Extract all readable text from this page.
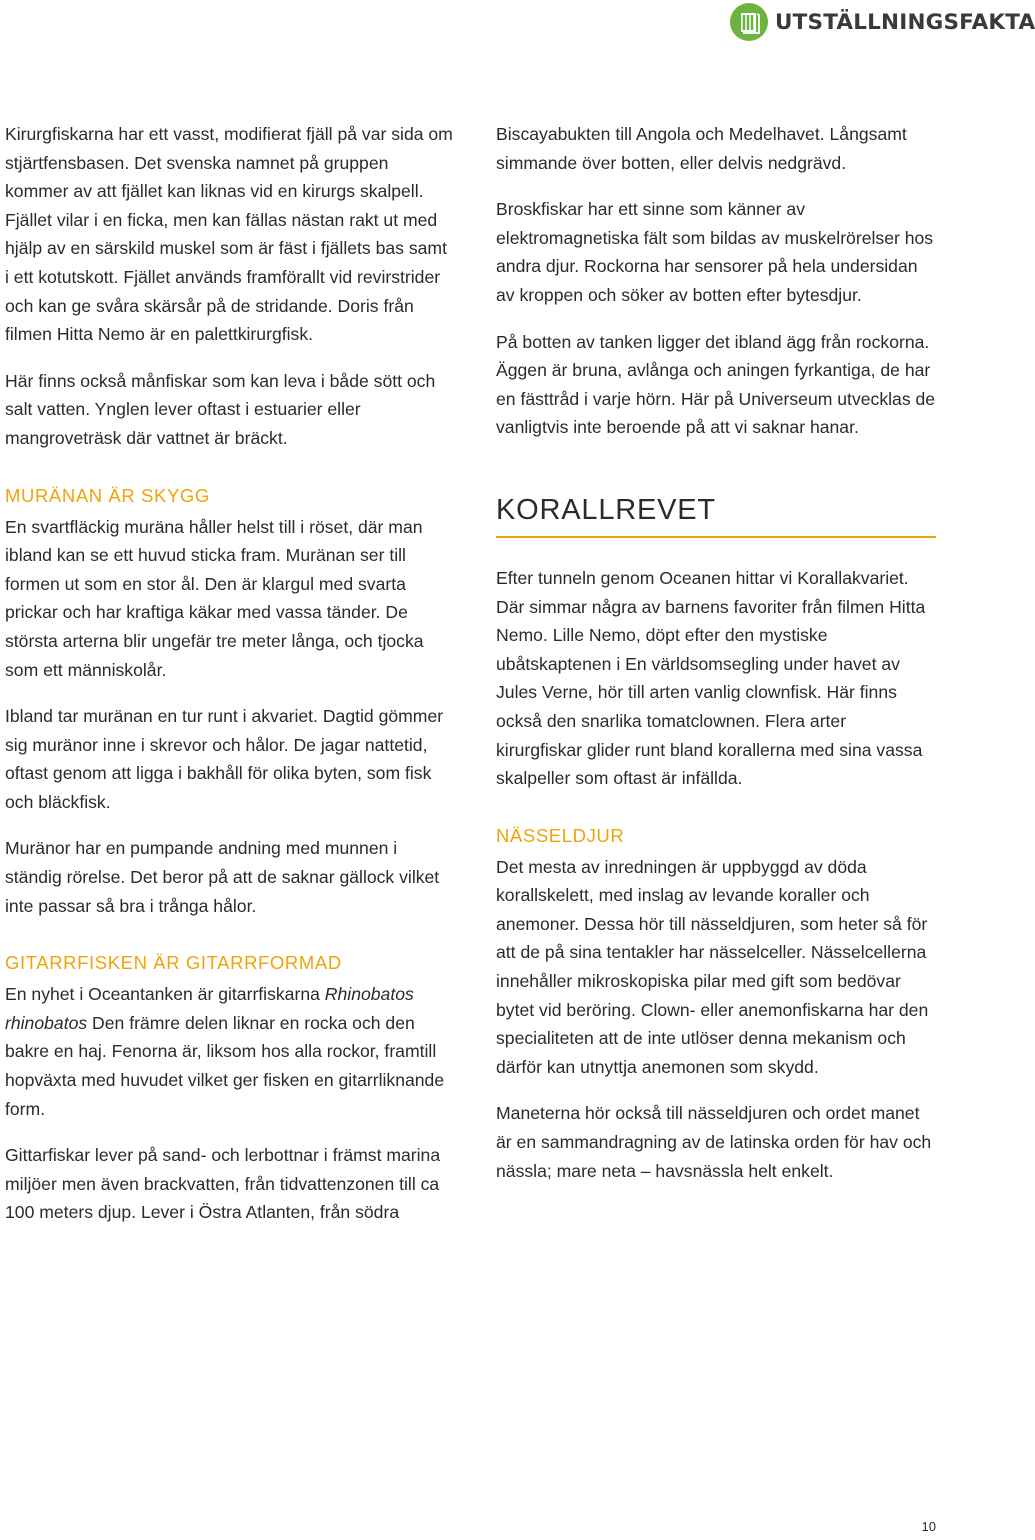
UTSTÄLLNINGSFAKTA

Kirurgfiskarna har ett vasst, modifierat fjäll på var sida om stjärtfensbasen. Det svenska namnet på gruppen kommer av att fjället kan liknas vid en kirurgs skalpell. Fjället vilar i en ficka, men kan fällas nästan rakt ut med hjälp av en särskild muskel som är fäst i fjällets bas samt i ett kotutskott. Fjället används framförallt vid revirstrider och kan ge svåra skärsår på de stridande. Doris från filmen Hitta Nemo är en palettkirurgfisk.

Här finns också månfiskar som kan leva i både sött och salt vatten. Ynglen lever oftast i estuarier eller mangroveträsk där vattnet är bräckt.

MURÄNAN ÄR SKYGG

En svartfläckig muräna håller helst till i röset, där man ibland kan se ett huvud sticka fram. Muränan ser till formen ut som en stor ål. Den är klargul med svarta prickar och har kraftiga käkar med vassa tänder. De största arterna blir ungefär tre meter långa, och tjocka som ett människolår.

Ibland tar muränan en tur runt i akvariet. Dagtid gömmer sig muränor inne i skrevor och hålor. De jagar nattetid, oftast genom att ligga i bakhåll för olika byten, som fisk och bläckfisk.

Muränor har en pumpande andning med munnen i ständig rörelse. Det beror på att de saknar gällock vilket inte passar så bra i trånga hålor.

GITARRFISKEN ÄR GITARRFORMAD

En nyhet i Oceantanken är gitarrfiskarna Rhinobatos rhinobatos Den främre delen liknar en rocka och den bakre en haj. Fenorna är, liksom hos alla rockor, framtill hopväxta med huvudet vilket ger fisken en gitarrliknande form.

Gittarfiskar lever på sand- och lerbottnar i främst marina miljöer men även brackvatten, från tidvattenzonen till ca 100 meters djup. Lever i Östra Atlanten, från södra

Biscayabukten till Angola och Medelhavet. Långsamt simmande över botten, eller delvis nedgrävd.

Broskfiskar har ett sinne som känner av elektromagnetiska fält som bildas av muskelrörelser hos andra djur. Rockorna har sensorer på hela undersidan av kroppen och söker av botten efter bytesdjur.

På botten av tanken ligger det ibland ägg från rockorna. Äggen är bruna, avlånga och aningen fyrkantiga, de har en fästtråd i varje hörn. Här på Universeum utvecklas de vanligtvis inte beroende på att vi saknar hanar.

KORALLREVET

Efter tunneln genom Oceanen hittar vi Korallakvariet. Där simmar några av barnens favoriter från filmen Hitta Nemo. Lille Nemo, döpt efter den mystiske ubåtskaptenen i En världsomsegling under havet av Jules Verne, hör till arten vanlig clownfisk. Här finns också den snarlika tomatclownen. Flera arter kirurgfiskar glider runt bland korallerna med sina vassa skalpeller som oftast är infällda.

NÄSSELDJUR

Det mesta av inredningen är uppbyggd av döda korallskelett, med inslag av levande koraller och anemoner. Dessa hör till nässeldjuren, som heter så för att de på sina tentakler har nässelceller. Nässelcellerna innehåller mikroskopiska pilar med gift som bedövar bytet vid beröring. Clown- eller anemonfiskarna har den specialiteten att de inte utlöser denna mekanism och därför kan utnyttja anemonen som skydd.

Maneterna hör också till nässeldjuren och ordet manet är en sammandragning av de latinska orden för hav och nässla; mare neta – havsnässla helt enkelt.

10
